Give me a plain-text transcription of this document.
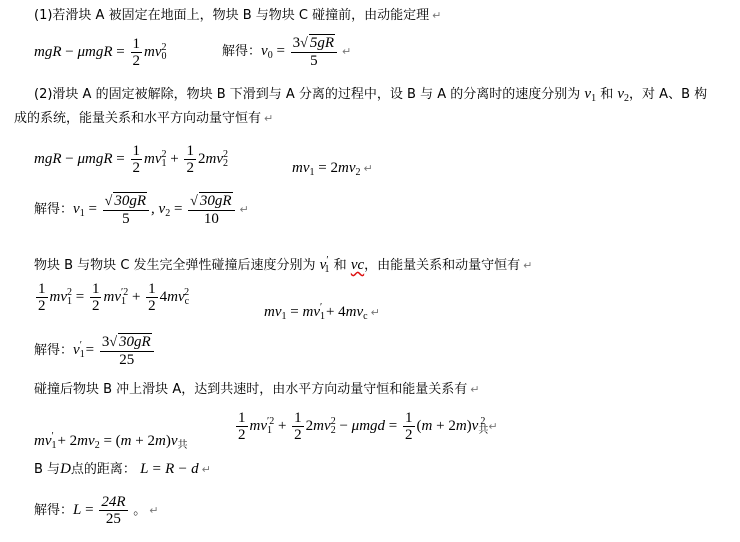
(1)若滑块 A 被固定在地面上，物块 B 与物块 C 碰撞前，由动能定理 ↵
mgR − $\mu mgR = \frac{1}{2} mv_0^2$	解得：$v_0 = \frac{3√ 5gR}{5}$ ↵
(2)滑块 A 的固定被解除，物块 B 下滑到与 A 分离的过程中，设 B 与 A 的分离时的速度分别为 $v_1$ 和 $v_2$，对 A、B 构
成的系统，能量关系和水平方向动量守恒有 ↵
mgR − $\mu mgR = \frac{1}{2} mv_1^2 + \frac{1}{2} 2mv_2^2$
$mv_1 = 2mv_2$ ↵
解得：$v_1 = \frac{√ 30gR}{5}$ , $v_2 = \frac{√ 30gR}{10}$ ↵
物块 B 与物块 C 发生完全弹性碰撞后速度分别为 $v'_1$ 和 vc，由能量关系和动量守恒有 ↵
$\frac{1}{2} mv_1^2 = \frac{1}{2} mv_1^{'2} + \frac{1}{2} 4mv_c^2$
$mv_1 = mv_1' + 4mv_c$ ↵
解得：$v_1' = \frac{3√ 30gR}{25}$
碰撞后物块 B 冲上滑块 A，达到共速时，由水平方向动量守恒和能量关系有 ↵
$mv_1' + 2mv_2 = (m + 2m)v_共$
$\frac{1}{2} mv_1^{'2} + \frac{1}{2} 2mv_2^2 - \mu mgd = \frac{1}{2} (m + 2m)v_共^2$ ↵
B 与D点的距离： L = R − d ↵
解得：$L = \frac{24R}{25}$ 。 ↵
